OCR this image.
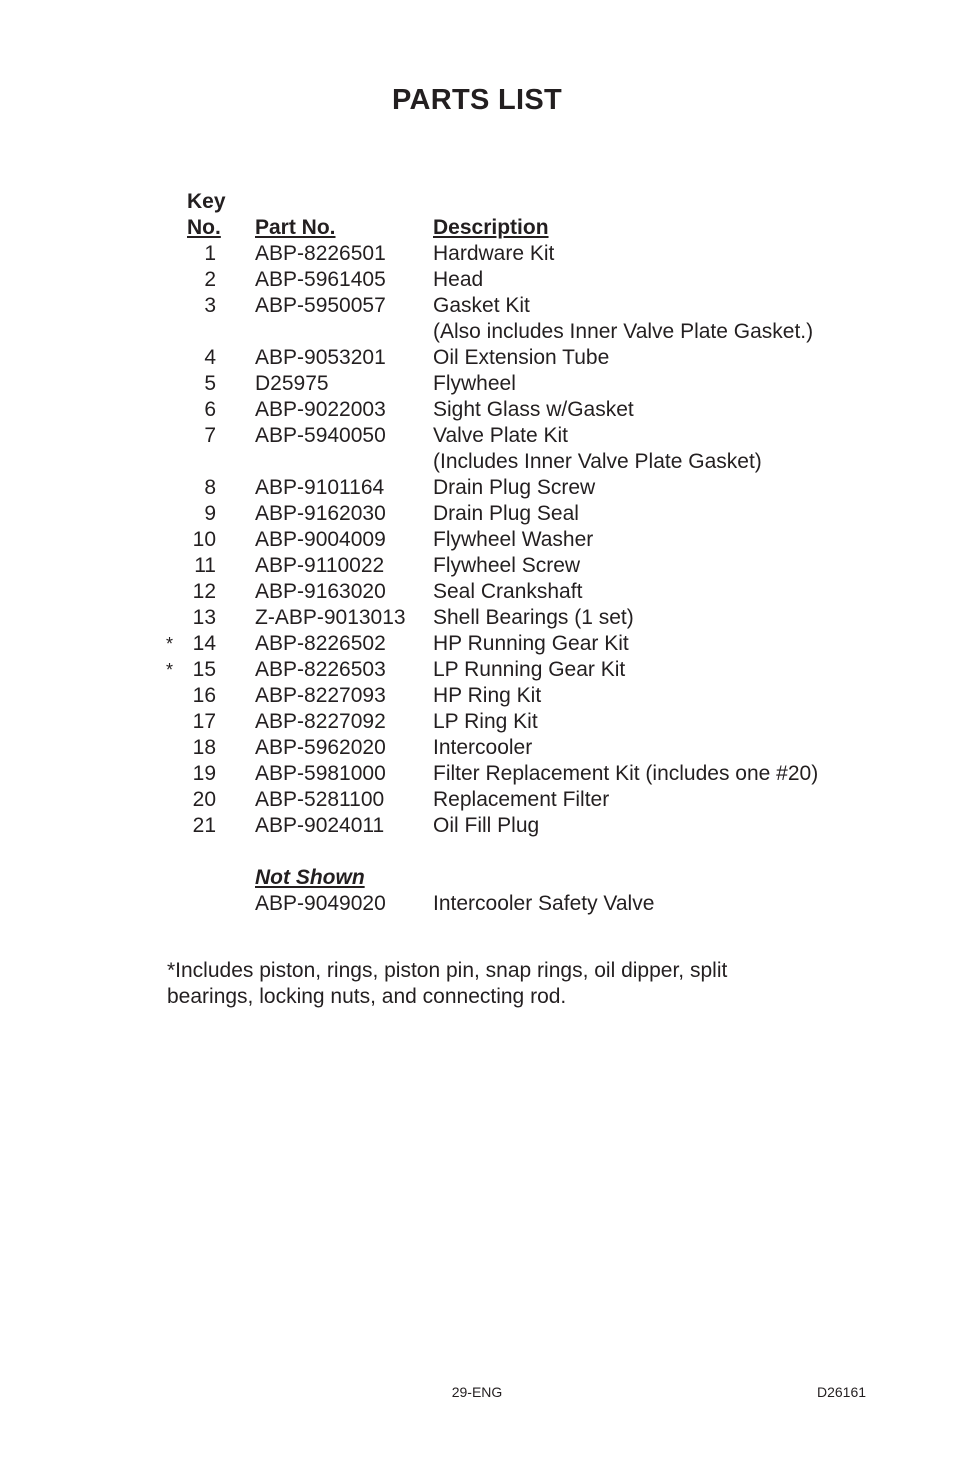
PARTS LIST
Key
No. Part No.	Description
1 ABP-8226501 Hardware Kit
2 ABP-5961405 Head
3 ABP-5950057 Gasket Kit
(Also includes Inner Valve Plate Gasket.)
4 ABP-9053201 Oil Extension Tube
5 D25975	Flywheel
6 ABP-9022003 Sight Glass w/Gasket
7 ABP-5940050 Valve Plate Kit
(Includes Inner Valve Plate Gasket)
8 ABP-9101164 Drain Plug Screw
9 ABP-9162030 Drain Plug Seal
10 ABP-9004009 Flywheel Washer
11 ABP-9110022 Flywheel Screw
12 ABP-9163020 Seal Crankshaft
13 Z-ABP-9013013 Shell Bearings (1 set)
* 14 ABP-8226502 HP Running Gear Kit
* 15 ABP-8226503 LP Running Gear Kit
16 ABP-8227093 HP Ring Kit
17 ABP-8227092 LP Ring Kit
18 ABP-5962020 Intercooler
19 ABP-5981000 Filter Replacement Kit (includes one #20)
20 ABP-5281100 Replacement Filter
21 ABP-9024011 Oil Fill Plug
Not Shown
ABP-9049020 Intercooler Safety Valve
*Includes piston, rings, piston pin, snap rings, oil dipper, split
bearings, locking nuts, and connecting rod.
29-ENG	D26161
